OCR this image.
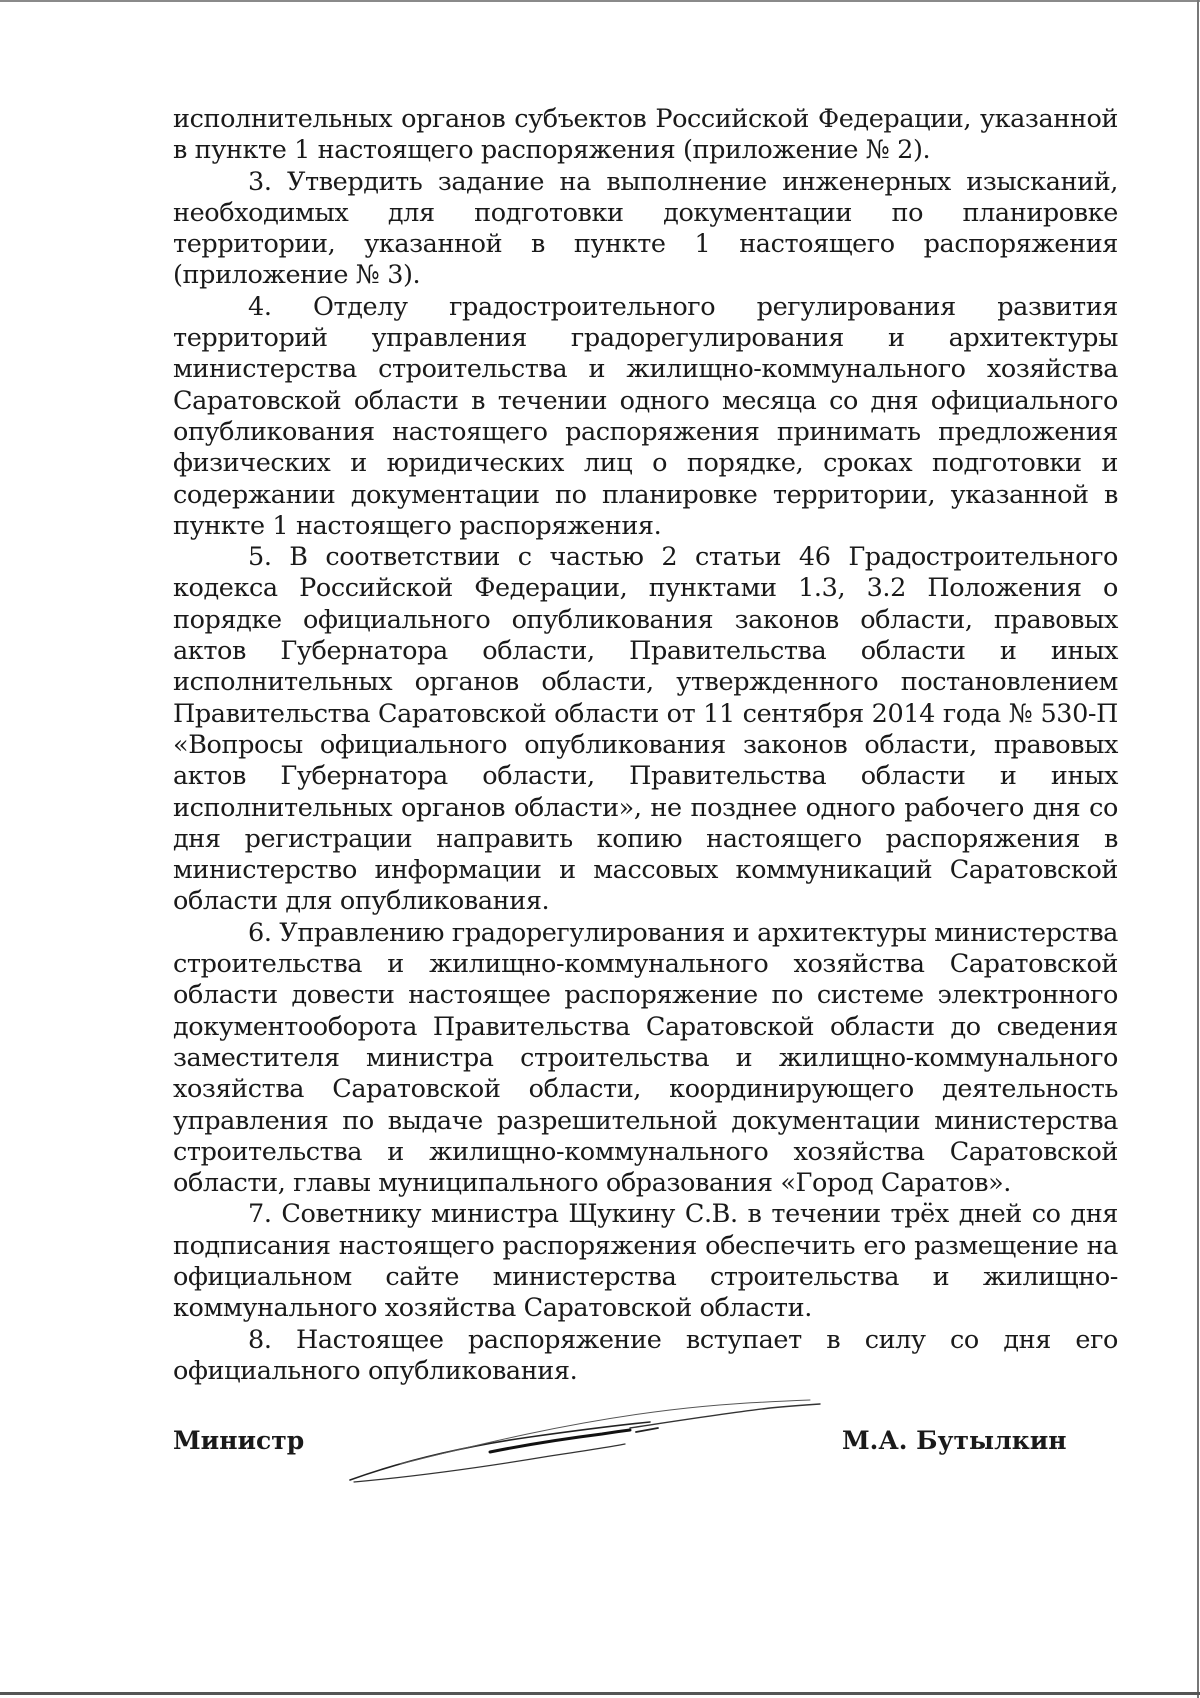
исполнительных органов субъектов Российской Федерации, указанной в пункте 1 настоящего распоряжения (приложение № 2).

3. Утвердить задание на выполнение инженерных изысканий, необходимых для подготовки документации по планировке территории, указанной в пункте 1 настоящего распоряжения (приложение № 3).

4. Отделу градостроительного регулирования развития территорий управления градорегулирования и архитектуры министерства строительства и жилищно-коммунального хозяйства Саратовской области в течении одного месяца со дня официального опубликования настоящего распоряжения принимать предложения физических и юридических лиц о порядке, сроках подготовки и содержании документации по планировке территории, указанной в пункте 1 настоящего распоряжения.

5. В соответствии с частью 2 статьи 46 Градостроительного кодекса Российской Федерации, пунктами 1.3, 3.2 Положения о порядке официального опубликования законов области, правовых актов Губернатора области, Правительства области и иных исполнительных органов области, утвержденного постановлением Правительства Саратовской области от 11 сентября 2014 года № 530-П «Вопросы официального опубликования законов области, правовых актов Губернатора области, Правительства области и иных исполнительных органов области», не позднее одного рабочего дня со дня регистрации направить копию настоящего распоряжения в министерство информации и массовых коммуникаций Саратовской области для опубликования.

6. Управлению градорегулирования и архитектуры министерства строительства и жилищно-коммунального хозяйства Саратовской области довести настоящее распоряжение по системе электронного документооборота Правительства Саратовской области до сведения заместителя министра строительства и жилищно-коммунального хозяйства Саратовской области, координирующего деятельность управления по выдаче разрешительной документации министерства строительства и жилищно-коммунального хозяйства Саратовской области, главы муниципального образования «Город Саратов».

7. Советнику министра Щукину С.В. в течении трёх дней со дня подписания настоящего распоряжения обеспечить его размещение на официальном сайте министерства строительства и жилищно-коммунального хозяйства Саратовской области.

8. Настоящее распоряжение вступает в силу со дня его официального опубликования.

Министр	М.А. Бутылкин
